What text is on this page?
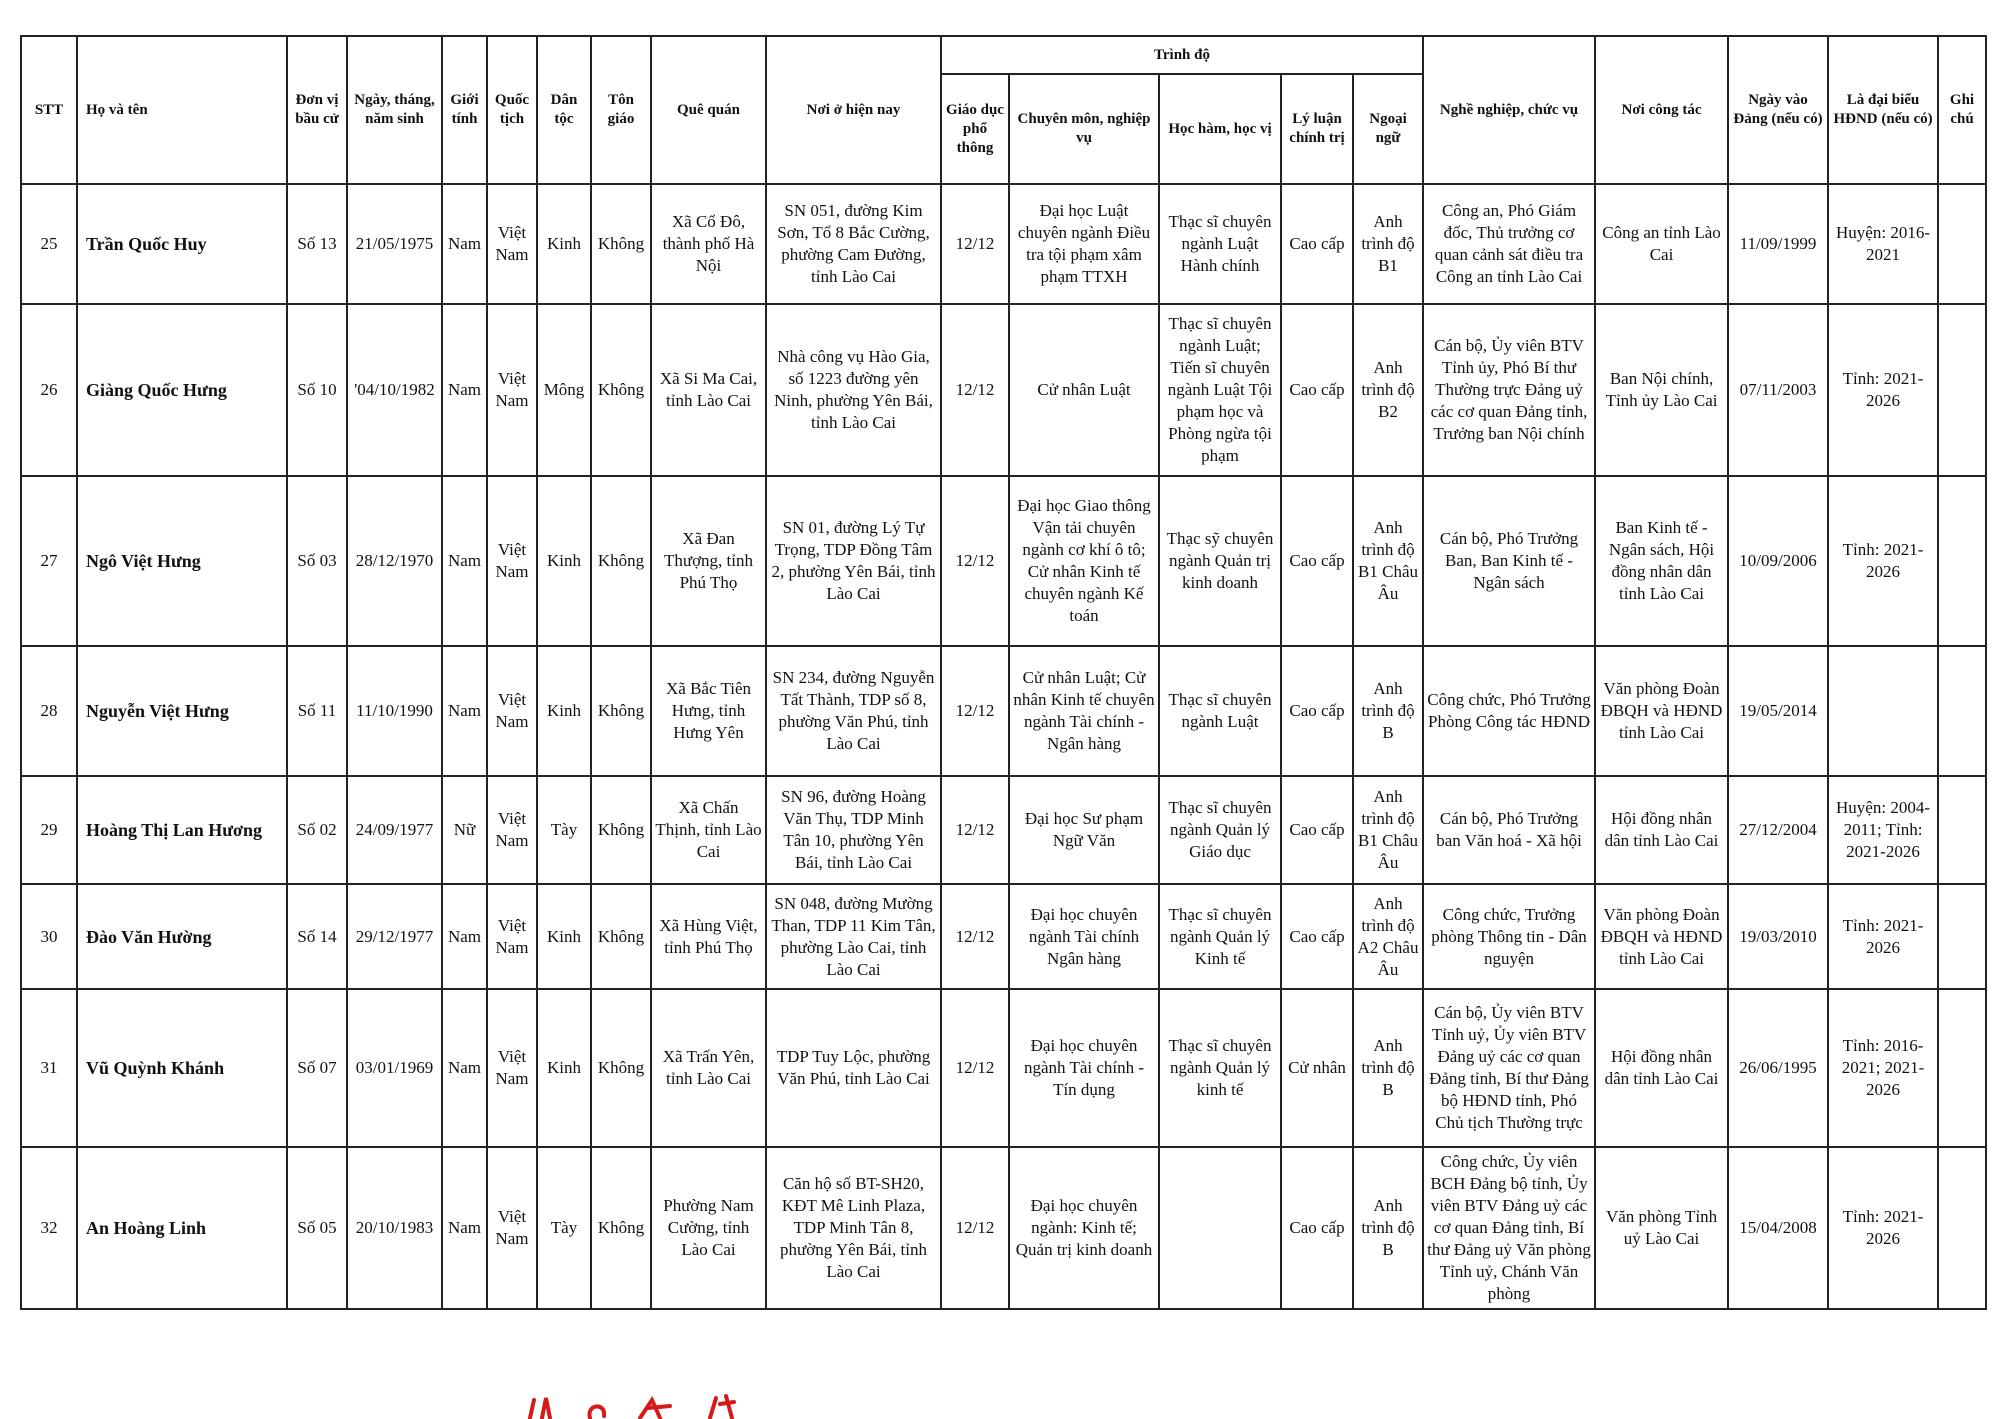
STT	Họ và tên	Đơn vị bầu cử	Ngày, tháng, năm sinh	Giới tính	Quốc tịch	Dân tộc	Tôn giáo	Quê quán	Nơi ở hiện nay	Trình độ					Nghề nghiệp, chức vụ	Nơi công tác	Ngày vào Đảng (nếu có)	Là đại biểu HĐND (nếu có)	Ghi chú
										Giáo dục phổ thông	Chuyên môn, nghiệp vụ	Học hàm, học vị	Lý luận chính trị	Ngoại ngữ					
25	Trần Quốc Huy	Số 13	21/05/1975	Nam	Việt Nam	Kinh	Không	Xã Cổ Đô, thành phố Hà Nội	SN 051, đường Kim Sơn, Tổ 8 Bắc Cường, phường Cam Đường, tỉnh Lào Cai	12/12	Đại học Luật chuyên ngành Điều tra tội phạm xâm phạm TTXH	Thạc sĩ chuyên ngành Luật Hành chính	Cao cấp	Anh trình độ B1	Công an, Phó Giám đốc, Thủ trưởng cơ quan cảnh sát điều tra Công an tỉnh Lào Cai	Công an tỉnh Lào Cai	11/09/1999	Huyện: 2016-2021	
26	Giàng Quốc Hưng	Số 10	'04/10/1982	Nam	Việt Nam	Mông	Không	Xã Si Ma Cai, tỉnh Lào Cai	Nhà công vụ Hào Gia, số 1223 đường yên Ninh, phường Yên Bái, tỉnh Lào Cai	12/12	Cử nhân Luật	Thạc sĩ chuyên ngành Luật; Tiến sĩ chuyên ngành Luật Tội phạm học và Phòng ngừa tội phạm	Cao cấp	Anh trình độ B2	Cán bộ, Ủy viên BTV Tỉnh ủy, Phó Bí thư Thường trực Đảng uỷ các cơ quan Đảng tỉnh, Trưởng ban Nội chính	Ban Nội chính, Tỉnh ủy Lào Cai	07/11/2003	Tỉnh: 2021-2026	
27	Ngô Việt Hưng	Số 03	28/12/1970	Nam	Việt Nam	Kinh	Không	Xã Đan Thượng, tỉnh Phú Thọ	SN 01, đường Lý Tự Trọng, TDP Đồng Tâm 2, phường Yên Bái, tỉnh Lào Cai	12/12	Đại học Giao thông Vận tải chuyên ngành cơ khí ô tô; Cử nhân Kinh tế chuyên ngành Kế toán	Thạc sỹ chuyên ngành Quản trị kinh doanh	Cao cấp	Anh trình độ B1 Châu Âu	Cán bộ, Phó Trưởng Ban, Ban Kinh tế - Ngân sách	Ban Kinh tế - Ngân sách, Hội đồng nhân dân tỉnh Lào Cai	10/09/2006	Tỉnh: 2021-2026	
28	Nguyễn Việt Hưng	Số 11	11/10/1990	Nam	Việt Nam	Kinh	Không	Xã Bắc Tiên Hưng, tỉnh Hưng Yên	SN 234, đường Nguyễn Tất Thành, TDP số 8, phường Văn Phú, tỉnh Lào Cai	12/12	Cử nhân Luật; Cử nhân Kinh tế chuyên ngành Tài chính - Ngân hàng	Thạc sĩ chuyên ngành Luật	Cao cấp	Anh trình độ B	Công chức, Phó Trưởng Phòng Công tác HĐND	Văn phòng Đoàn ĐBQH và HĐND tỉnh Lào Cai	19/05/2014		
29	Hoàng Thị Lan Hương	Số 02	24/09/1977	Nữ	Việt Nam	Tày	Không	Xã Chấn Thịnh, tỉnh Lào Cai	SN 96, đường Hoàng Văn Thụ, TDP Minh Tân 10, phường Yên Bái, tỉnh Lào Cai	12/12	Đại học Sư phạm Ngữ Văn	Thạc sĩ chuyên ngành Quản lý Giáo dục	Cao cấp	Anh trình độ B1 Châu Âu	Cán bộ, Phó Trưởng ban Văn hoá - Xã hội	Hội đồng nhân dân tỉnh Lào Cai	27/12/2004	Huyện: 2004-2011; Tỉnh: 2021-2026	
30	Đào Văn Hường	Số 14	29/12/1977	Nam	Việt Nam	Kinh	Không	Xã Hùng Việt, tỉnh Phú Thọ	SN 048, đường Mường Than, TDP 11 Kim Tân, phường Lào Cai, tỉnh Lào Cai	12/12	Đại học chuyên ngành Tài chính Ngân hàng	Thạc sĩ chuyên ngành Quản lý Kinh tế	Cao cấp	Anh trình độ A2 Châu Âu	Công chức, Trưởng phòng Thông tin - Dân nguyện	Văn phòng Đoàn ĐBQH và HĐND tỉnh Lào Cai	19/03/2010	Tỉnh: 2021-2026	
31	Vũ Quỳnh Khánh	Số 07	03/01/1969	Nam	Việt Nam	Kinh	Không	Xã Trấn Yên, tỉnh Lào Cai	TDP Tuy Lộc, phường Văn Phú, tỉnh Lào Cai	12/12	Đại học chuyên ngành Tài chính - Tín dụng	Thạc sĩ chuyên ngành Quản lý kinh tế	Cử nhân	Anh trình độ B	Cán bộ, Ủy viên BTV Tỉnh uỷ, Ủy viên BTV Đảng uỷ các cơ quan Đảng tỉnh, Bí thư Đảng bộ HĐND tỉnh, Phó Chủ tịch Thường trực	Hội đồng nhân dân tỉnh Lào Cai	26/06/1995	Tỉnh: 2016-2021; 2021-2026	
32	An Hoàng Linh	Số 05	20/10/1983	Nam	Việt Nam	Tày	Không	Phường Nam Cường, tỉnh Lào Cai	Căn hộ số BT-SH20, KĐT Mê Linh Plaza, TDP Minh Tân 8, phường Yên Bái, tỉnh Lào Cai	12/12	Đại học chuyên ngành: Kinh tế; Quản trị kinh doanh		Cao cấp	Anh trình độ B	Công chức, Ủy viên BCH Đảng bộ tỉnh, Ủy viên BTV Đảng uỷ các cơ quan Đảng tỉnh, Bí thư Đảng uỷ Văn phòng Tỉnh uỷ, Chánh Văn phòng	Văn phòng Tỉnh uỷ Lào Cai	15/04/2008	Tỉnh: 2021-2026	
